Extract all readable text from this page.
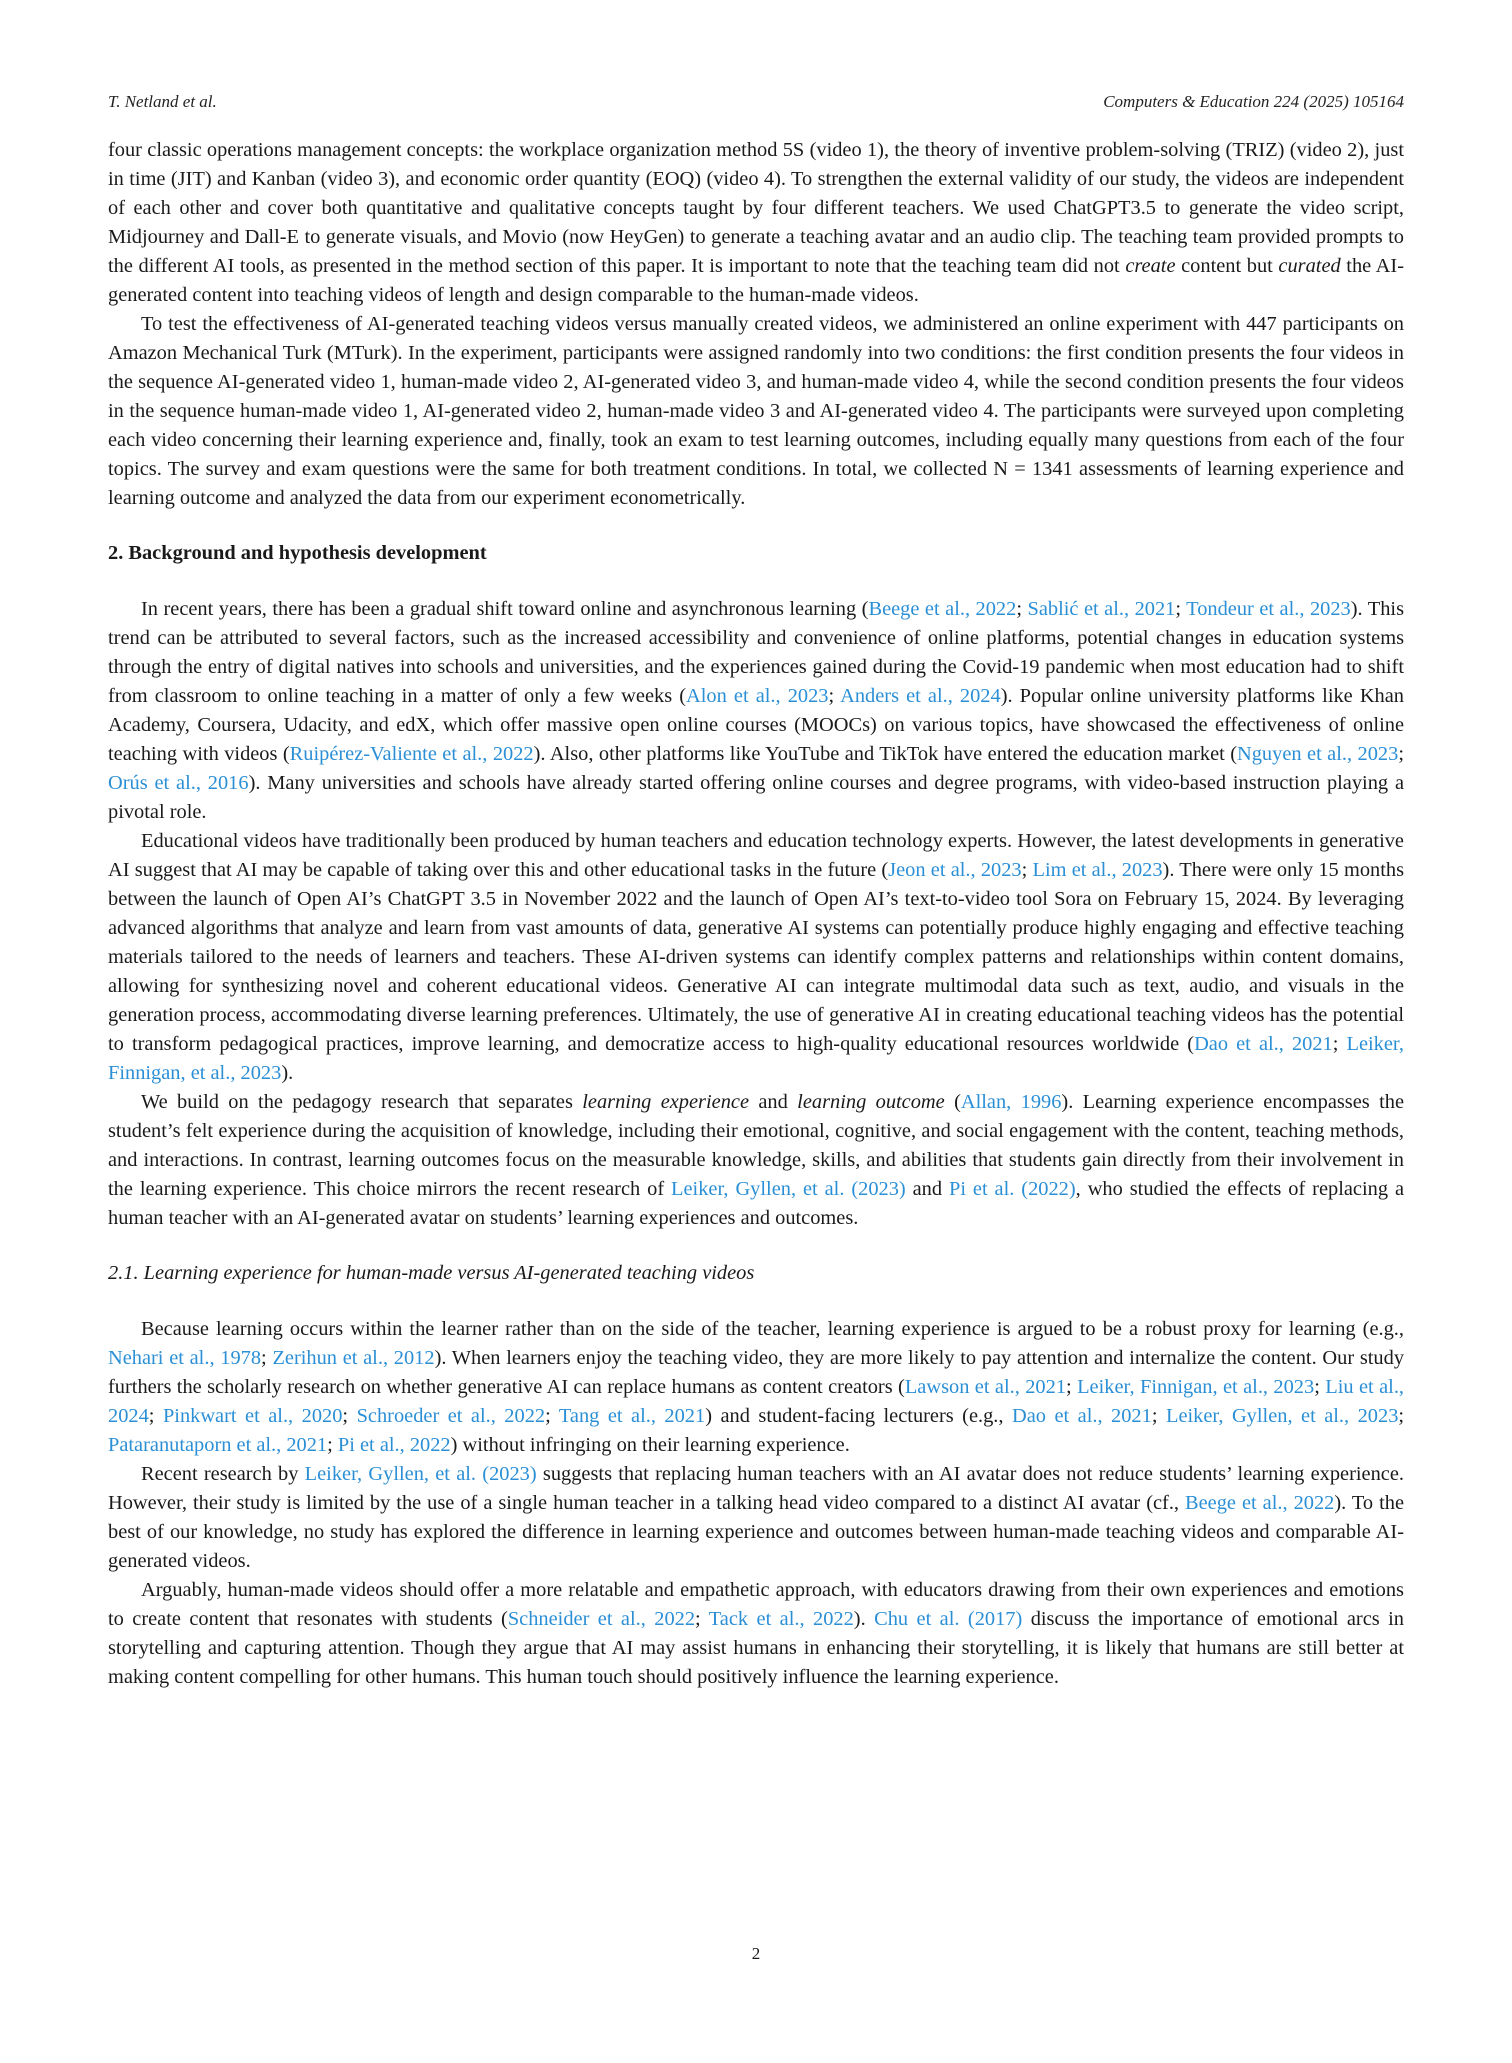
T. Netland et al.	Computers & Education 224 (2025) 105164

four classic operations management concepts: the workplace organization method 5S (video 1), the theory of inventive problem-solving (TRIZ) (video 2), just in time (JIT) and Kanban (video 3), and economic order quantity (EOQ) (video 4). To strengthen the external validity of our study, the videos are independent of each other and cover both quantitative and qualitative concepts taught by four different teachers. We used ChatGPT3.5 to generate the video script, Midjourney and Dall-E to generate visuals, and Movio (now HeyGen) to generate a teaching avatar and an audio clip. The teaching team provided prompts to the different AI tools, as presented in the method section of this paper. It is important to note that the teaching team did not create content but curated the AI-generated content into teaching videos of length and design comparable to the human-made videos.

To test the effectiveness of AI-generated teaching videos versus manually created videos, we administered an online experiment with 447 participants on Amazon Mechanical Turk (MTurk). In the experiment, participants were assigned randomly into two conditions: the first condition presents the four videos in the sequence AI-generated video 1, human-made video 2, AI-generated video 3, and human-made video 4, while the second condition presents the four videos in the sequence human-made video 1, AI-generated video 2, human-made video 3 and AI-generated video 4. The participants were surveyed upon completing each video concerning their learning experience and, finally, took an exam to test learning outcomes, including equally many questions from each of the four topics. The survey and exam questions were the same for both treatment conditions. In total, we collected N = 1341 assessments of learning experience and learning outcome and analyzed the data from our experiment econometrically.

2. Background and hypothesis development

In recent years, there has been a gradual shift toward online and asynchronous learning (Beege et al., 2022; Sablić et al., 2021; Tondeur et al., 2023). This trend can be attributed to several factors, such as the increased accessibility and convenience of online platforms, potential changes in education systems through the entry of digital natives into schools and universities, and the experiences gained during the Covid-19 pandemic when most education had to shift from classroom to online teaching in a matter of only a few weeks (Alon et al., 2023; Anders et al., 2024). Popular online university platforms like Khan Academy, Coursera, Udacity, and edX, which offer massive open online courses (MOOCs) on various topics, have showcased the effectiveness of online teaching with videos (Ruipérez-Valiente et al., 2022). Also, other platforms like YouTube and TikTok have entered the education market (Nguyen et al., 2023; Orús et al., 2016). Many universities and schools have already started offering online courses and degree programs, with video-based instruction playing a pivotal role.

Educational videos have traditionally been produced by human teachers and education technology experts. However, the latest developments in generative AI suggest that AI may be capable of taking over this and other educational tasks in the future (Jeon et al., 2023; Lim et al., 2023). There were only 15 months between the launch of Open AI’s ChatGPT 3.5 in November 2022 and the launch of Open AI’s text-to-video tool Sora on February 15, 2024. By leveraging advanced algorithms that analyze and learn from vast amounts of data, generative AI systems can potentially produce highly engaging and effective teaching materials tailored to the needs of learners and teachers. These AI-driven systems can identify complex patterns and relationships within content domains, allowing for synthesizing novel and coherent educational videos. Generative AI can integrate multimodal data such as text, audio, and visuals in the generation process, accommodating diverse learning preferences. Ultimately, the use of generative AI in creating educational teaching videos has the potential to transform pedagogical practices, improve learning, and democratize access to high-quality educational resources worldwide (Dao et al., 2021; Leiker, Finnigan, et al., 2023).

We build on the pedagogy research that separates learning experience and learning outcome (Allan, 1996). Learning experience encompasses the student’s felt experience during the acquisition of knowledge, including their emotional, cognitive, and social engagement with the content, teaching methods, and interactions. In contrast, learning outcomes focus on the measurable knowledge, skills, and abilities that students gain directly from their involvement in the learning experience. This choice mirrors the recent research of Leiker, Gyllen, et al. (2023) and Pi et al. (2022), who studied the effects of replacing a human teacher with an AI-generated avatar on students’ learning experiences and outcomes.

2.1. Learning experience for human-made versus AI-generated teaching videos

Because learning occurs within the learner rather than on the side of the teacher, learning experience is argued to be a robust proxy for learning (e.g., Nehari et al., 1978; Zerihun et al., 2012). When learners enjoy the teaching video, they are more likely to pay attention and internalize the content. Our study furthers the scholarly research on whether generative AI can replace humans as content creators (Lawson et al., 2021; Leiker, Finnigan, et al., 2023; Liu et al., 2024; Pinkwart et al., 2020; Schroeder et al., 2022; Tang et al., 2021) and student-facing lecturers (e.g., Dao et al., 2021; Leiker, Gyllen, et al., 2023; Pataranutaporn et al., 2021; Pi et al., 2022) without infringing on their learning experience.

Recent research by Leiker, Gyllen, et al. (2023) suggests that replacing human teachers with an AI avatar does not reduce students’ learning experience. However, their study is limited by the use of a single human teacher in a talking head video compared to a distinct AI avatar (cf., Beege et al., 2022). To the best of our knowledge, no study has explored the difference in learning experience and outcomes between human-made teaching videos and comparable AI-generated videos.

Arguably, human-made videos should offer a more relatable and empathetic approach, with educators drawing from their own experiences and emotions to create content that resonates with students (Schneider et al., 2022; Tack et al., 2022). Chu et al. (2017) discuss the importance of emotional arcs in storytelling and capturing attention. Though they argue that AI may assist humans in enhancing their storytelling, it is likely that humans are still better at making content compelling for other humans. This human touch should positively influence the learning experience.

2
